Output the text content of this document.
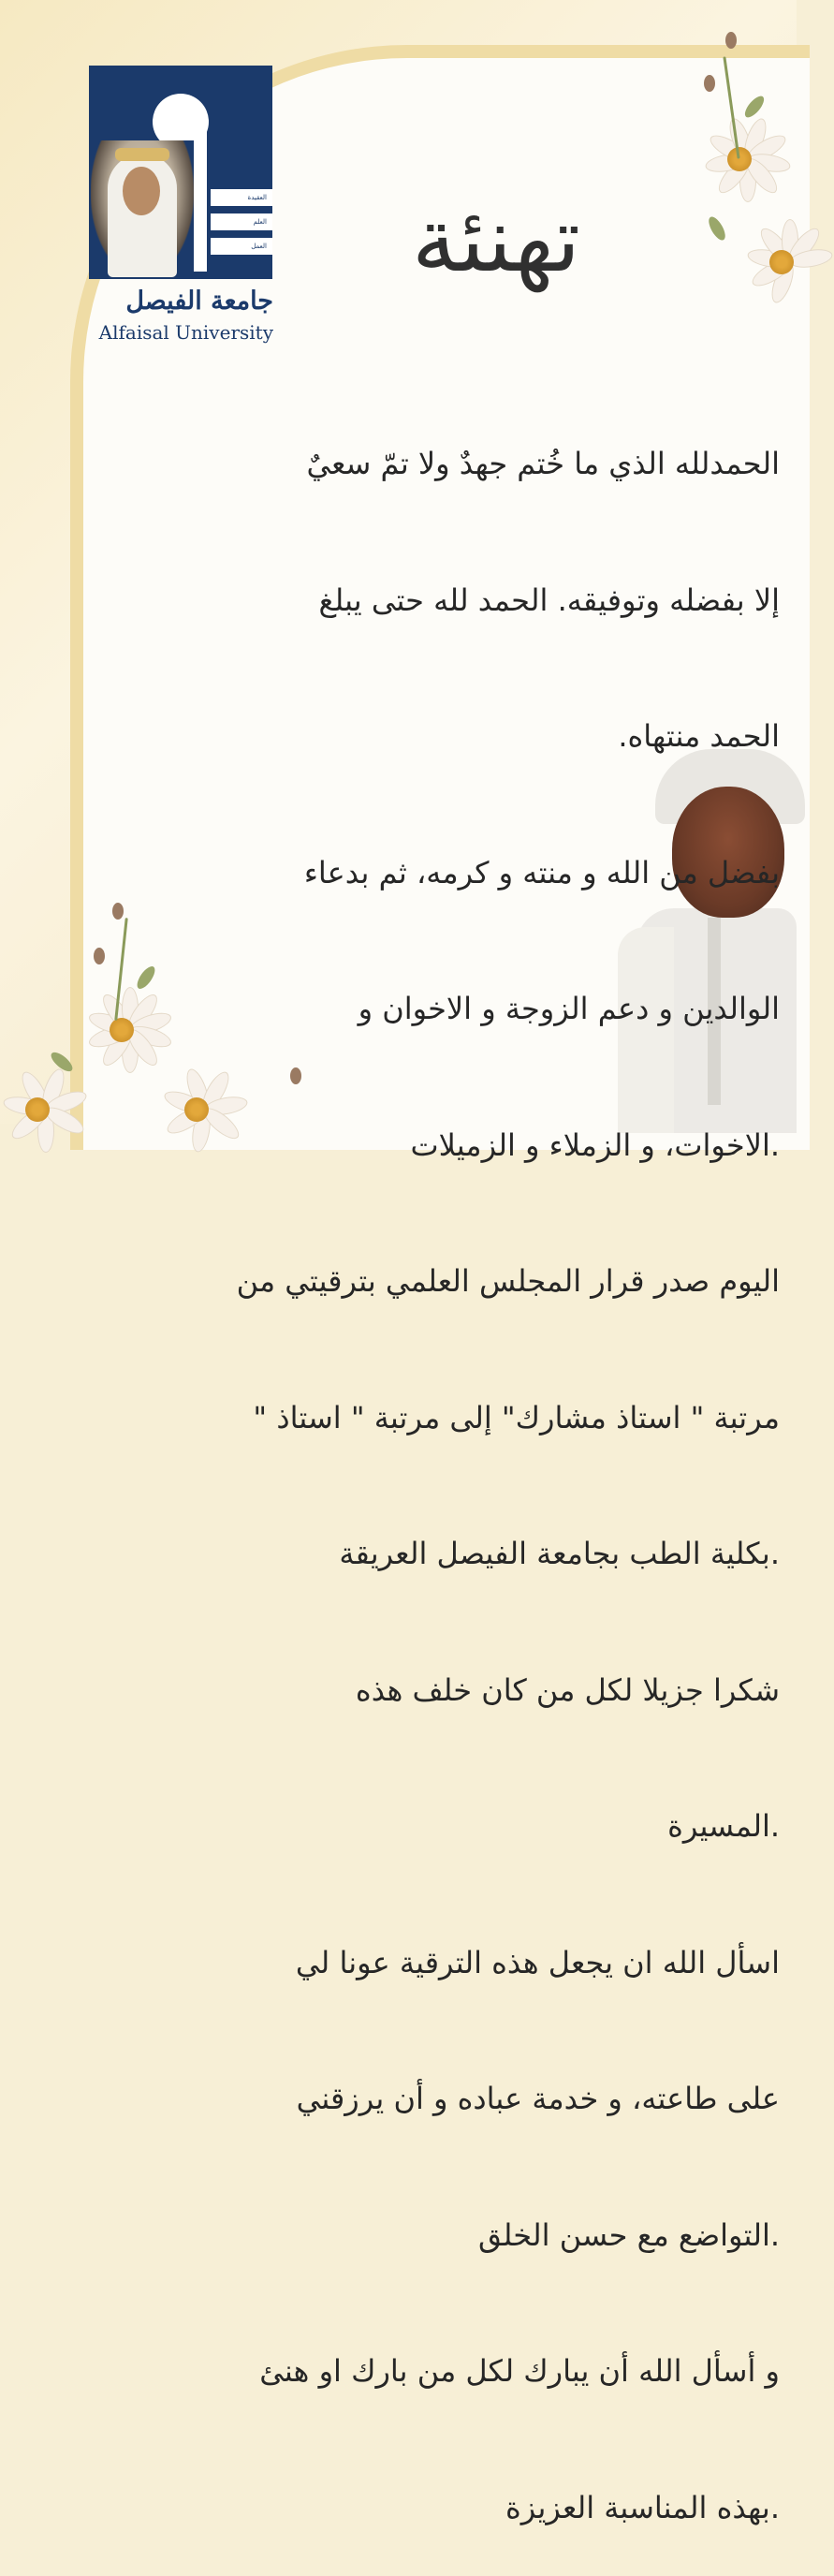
العقيدة
العلم
العمل
جامعة الفيصل
Alfaisal University
تهنئة

الحمدلله الذي ما خُتم جهدٌ ولا تمّ سعيٌ

إلا بفضله وتوفيقه. الحمد لله حتى يبلغ

الحمد منتهاه.

بفضل من الله و منته و كرمه، ثم بدعاء

الوالدين و دعم الزوجة و الاخوان و

.الاخوات، و الزملاء و الزميلات

اليوم صدر قرار المجلس العلمي بترقيتي من

مرتبة " استاذ مشارك" إلى مرتبة " استاذ "

.بكلية الطب بجامعة الفيصل العريقة

شكرا جزيلا لكل من كان خلف هذه

.المسيرة

اسأل الله ان يجعل هذه الترقية عونا لي

على طاعته، و خدمة عباده و أن يرزقني

.التواضع مع حسن الخلق

و أسأل الله أن يبارك لكل من بارك او هنئ

.بهذه المناسبة العزيزة
